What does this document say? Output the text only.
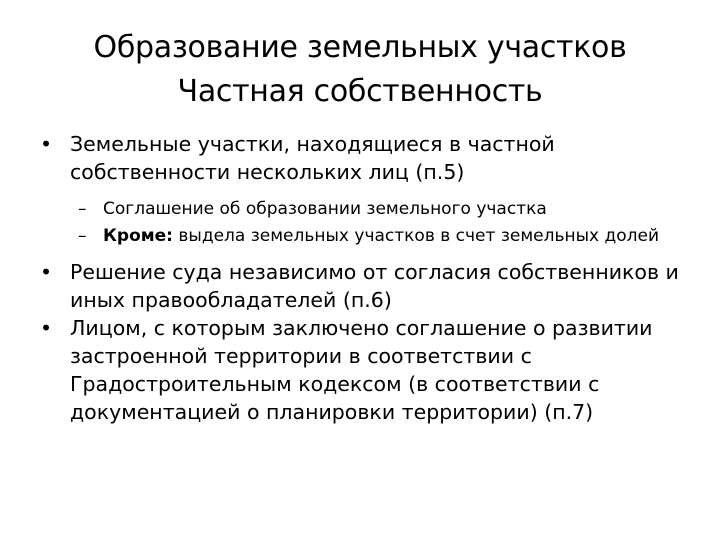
Образование земельных участков
Частная собственность
• Земельные участки, находящиеся в частной собственности нескольких лиц (п.5)
– Соглашение об образовании земельного участка
– Кроме: выдела земельных участков в счет земельных долей
• Решение суда независимо от согласия собственников и иных правообладателей (п.6)
• Лицом, с которым заключено соглашение о развитии застроенной территории в соответствии с Градостроительным кодексом (в соответствии с документацией о планировки территории) (п.7)
